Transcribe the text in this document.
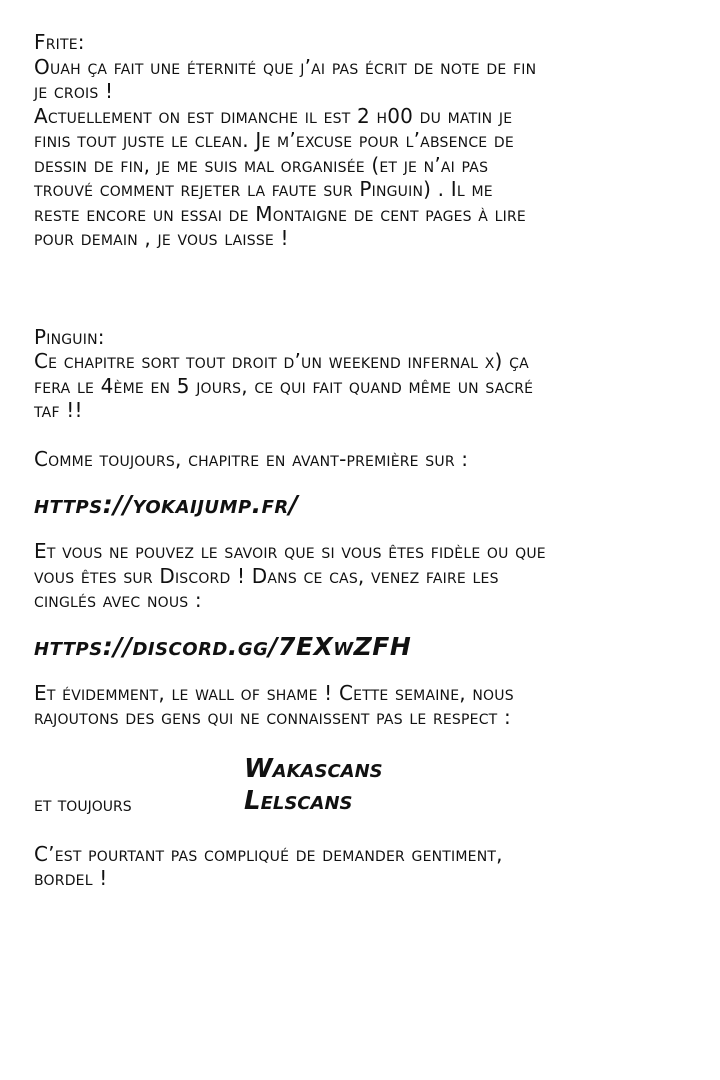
Frite:
Ouah ça fait une éternité que j’ai pas écrit de note de fin
je crois !
Actuellement on est dimanche il est 2 h00 du matin je
finis tout juste le clean. Je m’excuse pour l’absence de
dessin de fin, je me suis mal organisée (et je n’ai pas
trouvé comment rejeter la faute sur Pinguin) . Il me
reste encore un essai de Montaigne de cent pages à lire
pour demain , je vous laisse !
Pinguin:
Ce chapitre sort tout droit d’un weekend infernal x) ça
fera le 4ème en 5 jours, ce qui fait quand même un sacré
taf !!
Comme toujours, chapitre en avant-première sur :
https://yokaijump.fr/
Et vous ne pouvez le savoir que si vous êtes fidèle ou que
vous êtes sur Discord ! Dans ce cas, venez faire les
cinglés avec nous :
https://discord.gg/7EXwZFH
Et évidemment, le wall of shame ! Cette semaine, nous
rajoutons des gens qui ne connaissent pas le respect :
Wakascans
et toujours	Lelscans
C’est pourtant pas compliqué de demander gentiment,
bordel !
